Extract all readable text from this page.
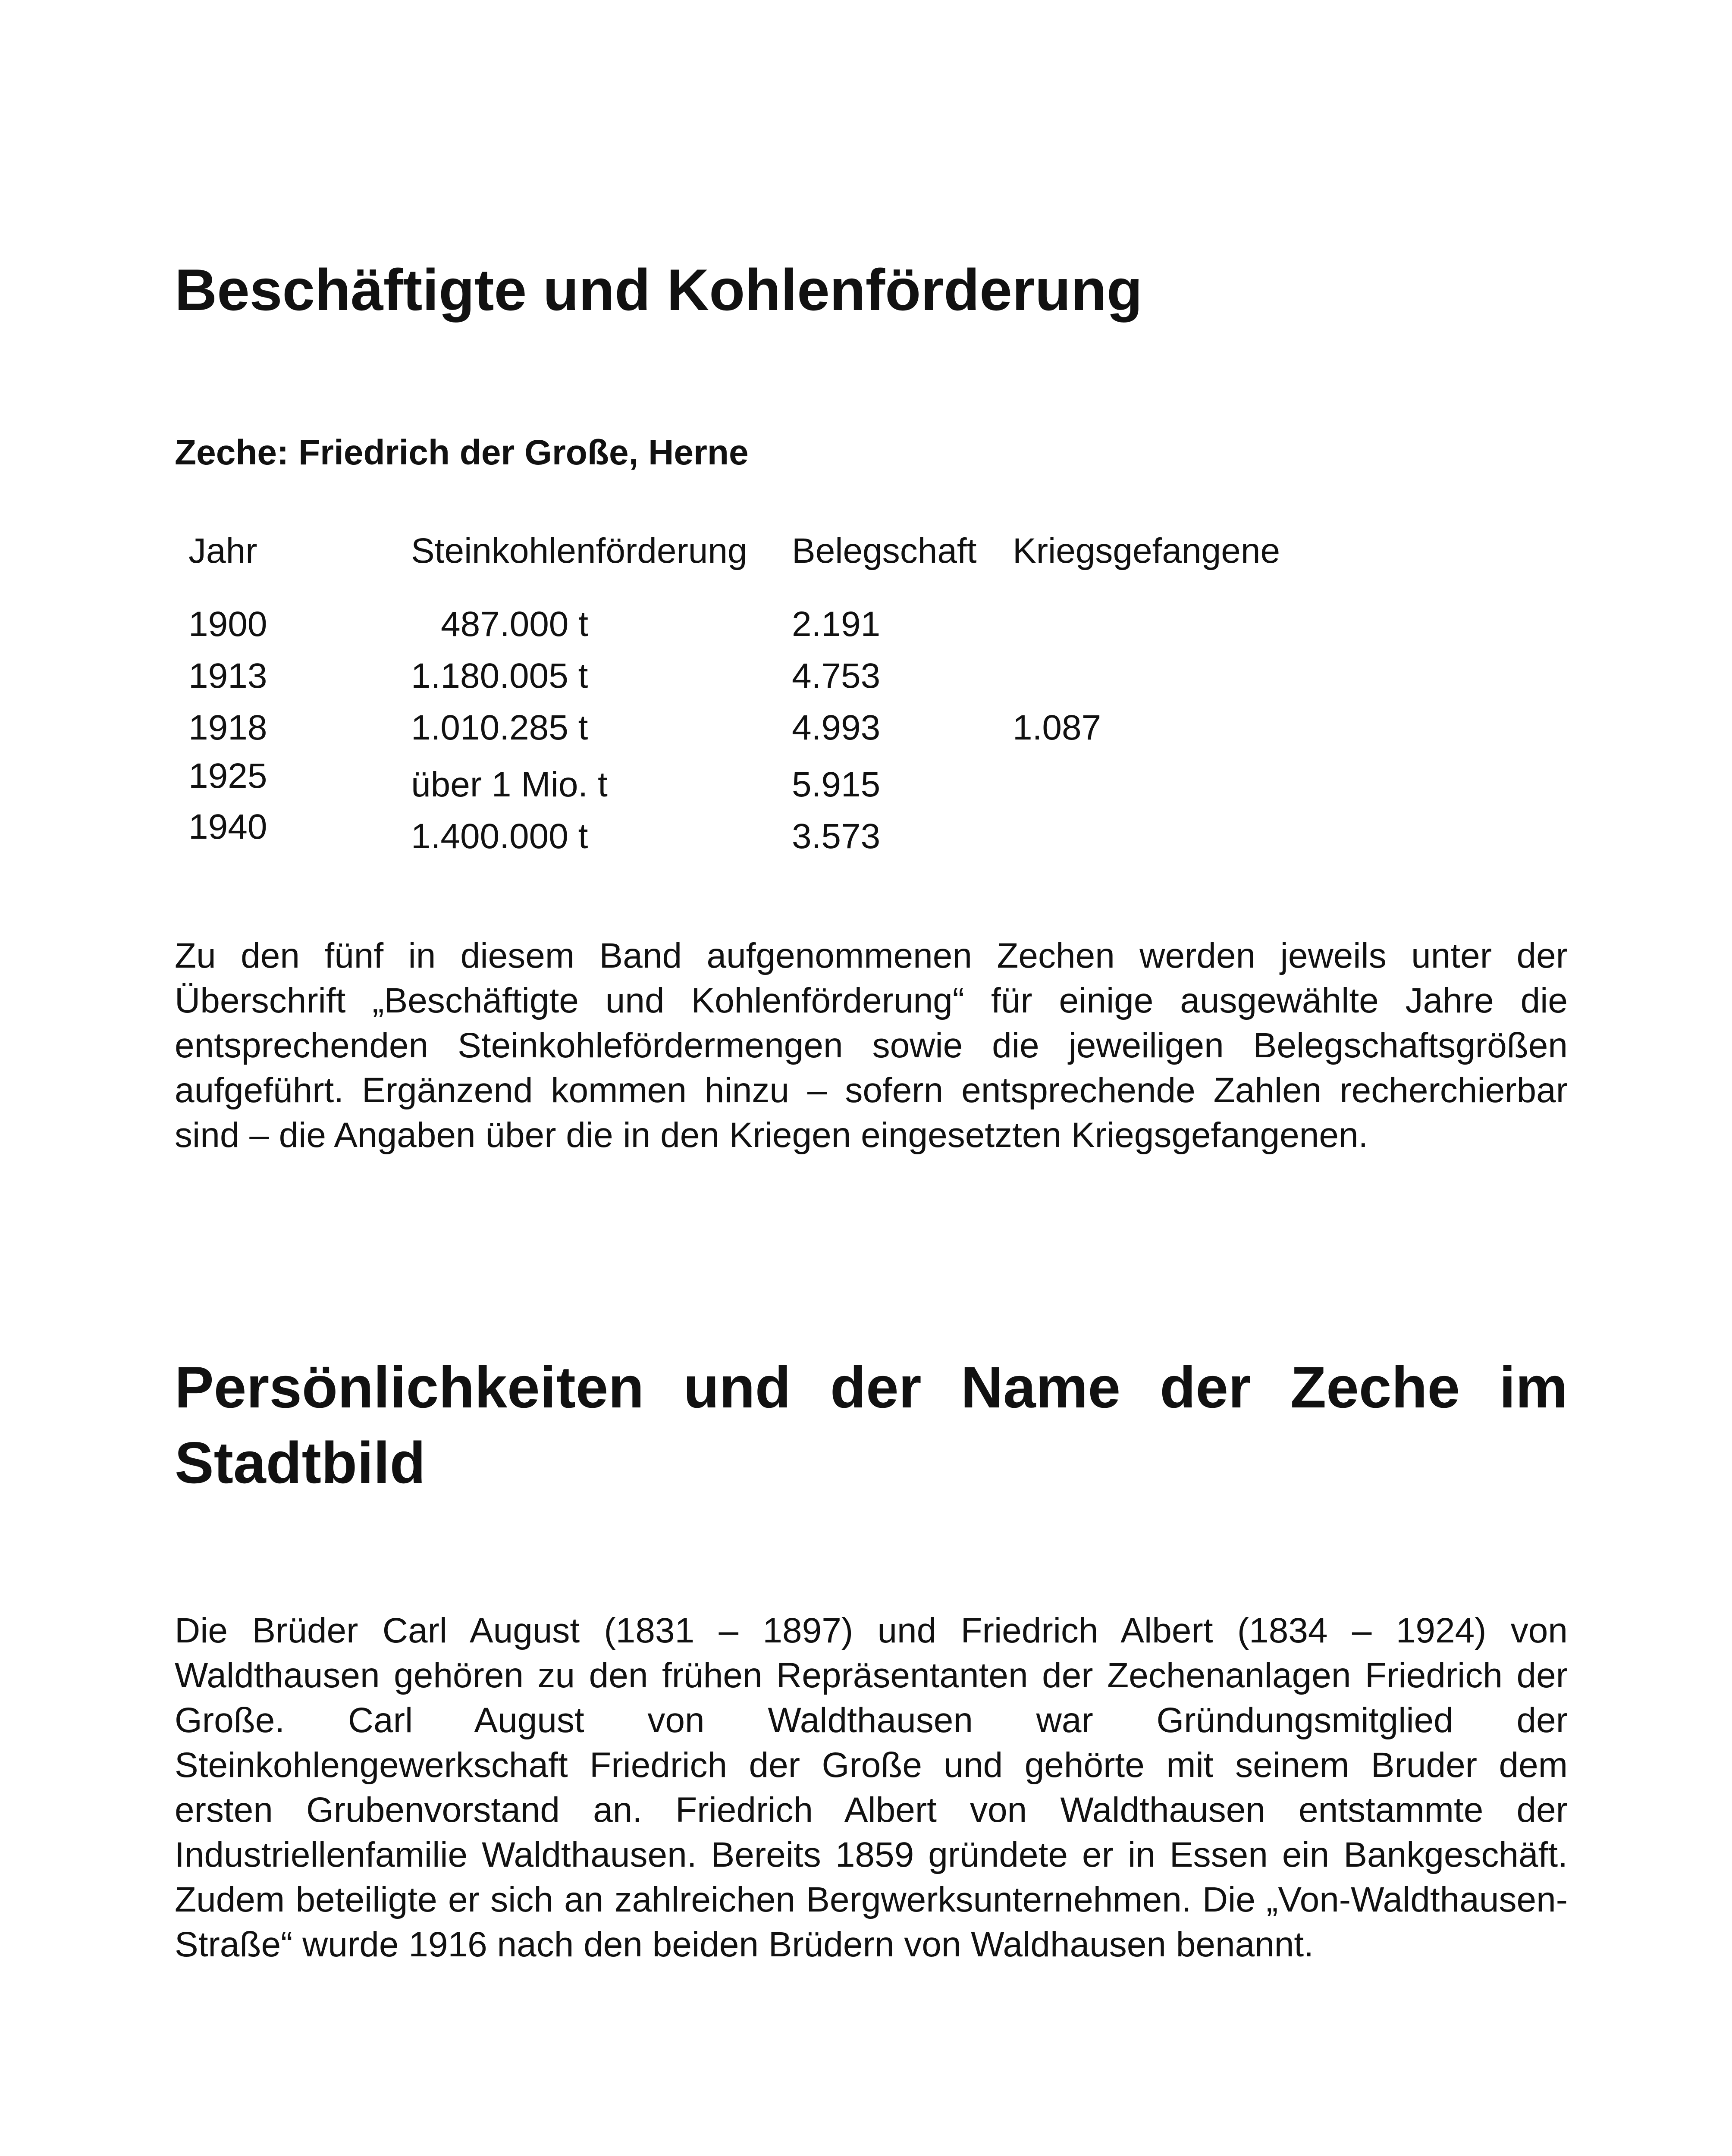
Beschäftigte und Kohlenförderung
Zeche: Friedrich der Große, Herne
Jahr	Steinkohlenförderung Belegschaft Kriegsgefangene
1900	487.000 t	2.191
1913	1.180.005 t	4.753
1918	1.010.285 t	4.993	1.087
1925	über 1 Mio. t	5.915
1940	1.400.000 t	3.573

Zu den fünf in diesem Band aufgenommenen Zechen werden jeweils unter der Überschrift „Beschäftigte und Kohlenförderung“ für einige ausgewählte Jahre die entsprechenden Steinkohlefördermengen sowie die jeweiligen Belegschaftsgrößen aufgeführt. Ergänzend kommen hinzu – sofern entsprechende Zahlen recherchierbar sind – die Angaben über die in den Kriegen eingesetzten Kriegsgefangenen.

Persönlichkeiten und der Name der Zeche im Stadtbild

Die Brüder Carl August (1831 – 1897) und Friedrich Albert (1834 – 1924) von Waldthausen gehören zu den frühen Repräsentanten der Zechenanlagen Friedrich der Große. Carl August von Waldthausen war Gründungsmitglied der Steinkohlengewerkschaft Friedrich der Große und gehörte mit seinem Bruder dem ersten Grubenvorstand an. Friedrich Albert von Waldthausen entstammte der Industriellenfamilie Waldthausen. Bereits 1859 gründete er in Essen ein Bankgeschäft. Zudem beteiligte er sich an zahlreichen Bergwerksunternehmen. Die „Von-Waldthausen-Straße“ wurde 1916 nach den beiden Brüdern von Waldhausen benannt.
